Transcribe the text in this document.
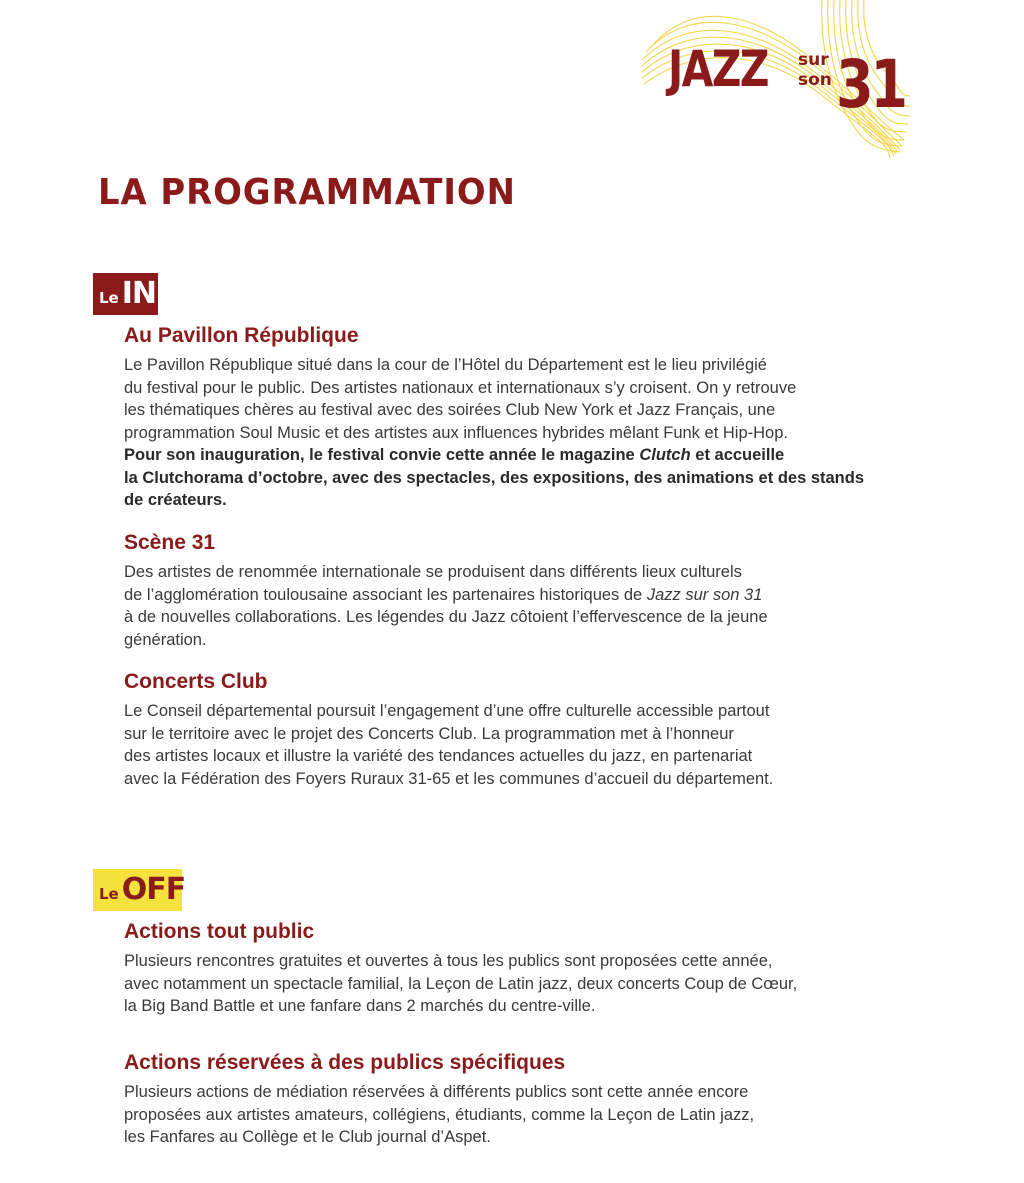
JAZZ sur
son 31
LA PROGRAMMATION
Le IN
Au Pavillon République

Le Pavillon République situé dans la cour de l’Hôtel du Département est le lieu privilégié
du festival pour le public. Des artistes nationaux et internationaux s’y croisent. On y retrouve
les thématiques chères au festival avec des soirées Club New York et Jazz Français, une
programmation Soul Music et des artistes aux influences hybrides mêlant Funk et Hip-Hop.
Pour son inauguration, le festival convie cette année le magazine Clutch et accueille
la Clutchorama d’octobre, avec des spectacles, des expositions, des animations et des stands
de créateurs.

Scène 31

Des artistes de renommée internationale se produisent dans différents lieux culturels
de l’agglomération toulousaine associant les partenaires historiques de Jazz sur son 31
à de nouvelles collaborations. Les légendes du Jazz côtoient l’effervescence de la jeune
génération.

Concerts Club

Le Conseil départemental poursuit l’engagement d’une offre culturelle accessible partout
sur le territoire avec le projet des Concerts Club. La programmation met à l’honneur
des artistes locaux et illustre la variété des tendances actuelles du jazz, en partenariat
avec la Fédération des Foyers Ruraux 31-65 et les communes d’accueil du département.

Le OFF
Actions tout public

Plusieurs rencontres gratuites et ouvertes à tous les publics sont proposées cette année,
avec notamment un spectacle familial, la Leçon de Latin jazz, deux concerts Coup de Cœur,
la Big Band Battle et une fanfare dans 2 marchés du centre-ville.

Actions réservées à des publics spécifiques

Plusieurs actions de médiation réservées à différents publics sont cette année encore
proposées aux artistes amateurs, collégiens, étudiants, comme la Leçon de Latin jazz,
les Fanfares au Collège et le Club journal d’Aspet.
